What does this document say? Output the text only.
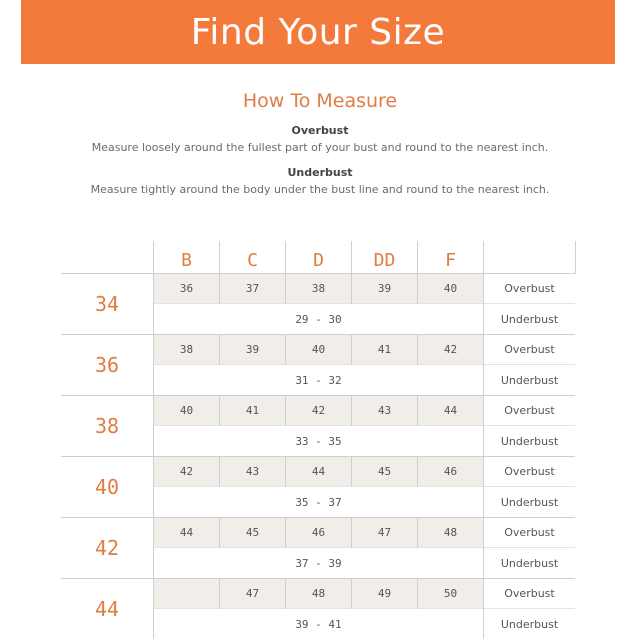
Find Your Size
How To Measure
Overbust
Measure loosely around the fullest part of your bust and round to the nearest inch.
Underbust
Measure tightly around the body under the bust line and round to the nearest inch.
	B	C	D	DD	F	
34	36	37	38	39	40	Overbust
	29 - 30					Underbust
36	38	39	40	41	42	Overbust
	31 - 32					Underbust
38	40	41	42	43	44	Overbust
	33 - 35					Underbust
40	42	43	44	45	46	Overbust
	35 - 37					Underbust
42	44	45	46	47	48	Overbust
	37 - 39					Underbust
44		47	48	49	50	Overbust
	39 - 41					Underbust
